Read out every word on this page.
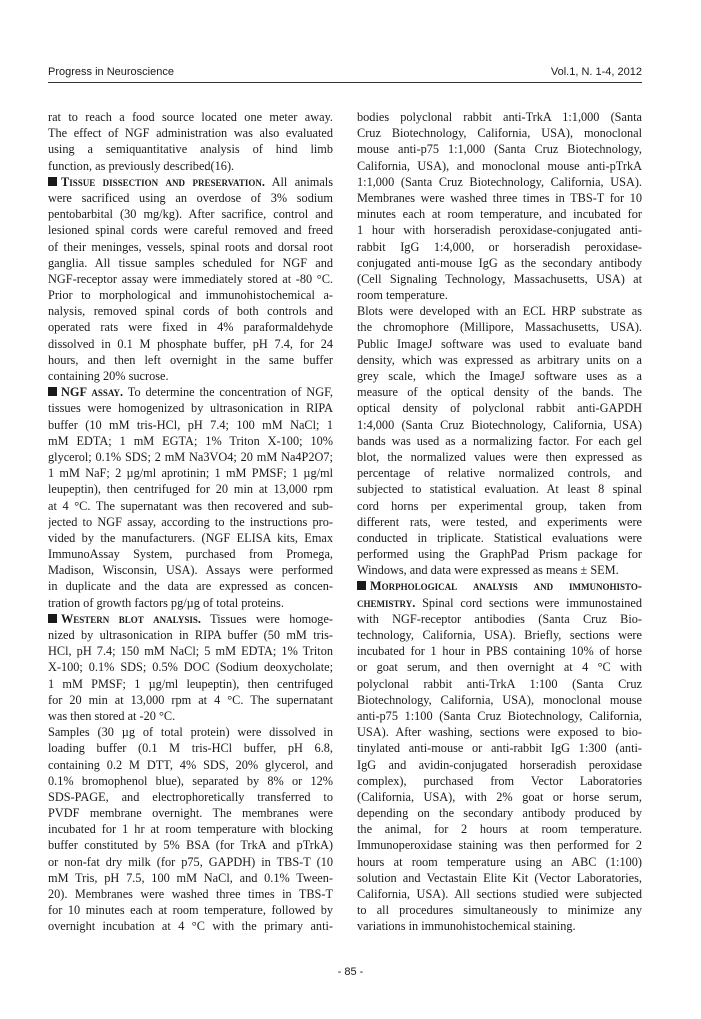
Progress in Neuroscience	Vol.1, N. 1-4, 2012
rat to reach a food source located one meter away.
The effect of NGF administration was also evaluated
using a semiquantitative analysis of hind limb
function, as previously described(16).
Tissue dissection and preservation. All animals
were sacrificed using an overdose of 3% sodium
pentobarbital (30 mg/kg). After sacrifice, control and
lesioned spinal cords were careful removed and freed
of their meninges, vessels, spinal roots and dorsal root
ganglia. All tissue samples scheduled for NGF and
NGF-receptor assay were immediately stored at -80 °C.
Prior to morphological and immunohistochemical a-
nalysis, removed spinal cords of both controls and
operated rats were fixed in 4% paraformaldehyde
dissolved in 0.1 M phosphate buffer, pH 7.4, for 24
hours, and then left overnight in the same buffer
containing 20% sucrose.
NGF assay. To determine the concentration of NGF,
tissues were homogenized by ultrasonication in RIPA
buffer (10 mM tris-HCl, pH 7.4; 100 mM NaCl; 1
mM EDTA; 1 mM EGTA; 1% Triton X-100; 10%
glycerol; 0.1% SDS; 2 mM Na3VO4; 20 mM Na4P2O7;
1 mM NaF; 2 µg/ml aprotinin; 1 mM PMSF; 1 µg/ml
leupeptin), then centrifuged for 20 min at 13,000 rpm
at 4 °C. The supernatant was then recovered and sub-
jected to NGF assay, according to the instructions pro-
vided by the manufacturers. (NGF ELISA kits, Emax
ImmunoAssay System, purchased from Promega,
Madison, Wisconsin, USA). Assays were performed
in duplicate and the data are expressed as concen-
tration of growth factors pg/µg of total proteins.
Western blot analysis. Tissues were homoge-
nized by ultrasonication in RIPA buffer (50 mM tris-
HCl, pH 7.4; 150 mM NaCl; 5 mM EDTA; 1% Triton
X-100; 0.1% SDS; 0.5% DOC (Sodium deoxycholate;
1 mM PMSF; 1 µg/ml leupeptin), then centrifuged
for 20 min at 13,000 rpm at 4 °C. The supernatant
was then stored at -20 °C.
Samples (30 µg of total protein) were dissolved in
loading buffer (0.1 M tris-HCl buffer, pH 6.8,
containing 0.2 M DTT, 4% SDS, 20% glycerol, and
0.1% bromophenol blue), separated by 8% or 12%
SDS-PAGE, and electrophoretically transferred to
PVDF membrane overnight. The membranes were
incubated for 1 hr at room temperature with blocking
buffer constituted by 5% BSA (for TrkA and pTrkA)
or non-fat dry milk (for p75, GAPDH) in TBS-T (10
mM Tris, pH 7.5, 100 mM NaCl, and 0.1% Tween-
20). Membranes were washed three times in TBS-T
for 10 minutes each at room temperature, followed by
overnight incubation at 4 °C with the primary anti-
bodies polyclonal rabbit anti-TrkA 1:1,000 (Santa
Cruz Biotechnology, California, USA), monoclonal
mouse anti-p75 1:1,000 (Santa Cruz Biotechnology,
California, USA), and monoclonal mouse anti-pTrkA
1:1,000 (Santa Cruz Biotechnology, California, USA).
Membranes were washed three times in TBS-T for 10
minutes each at room temperature, and incubated for
1 hour with horseradish peroxidase-conjugated anti-
rabbit IgG 1:4,000, or horseradish peroxidase-
conjugated anti-mouse IgG as the secondary antibody
(Cell Signaling Technology, Massachusetts, USA) at
room temperature.
Blots were developed with an ECL HRP substrate as
the chromophore (Millipore, Massachusetts, USA).
Public ImageJ software was used to evaluate band
density, which was expressed as arbitrary units on a
grey scale, which the ImageJ software uses as a
measure of the optical density of the bands. The
optical density of polyclonal rabbit anti-GAPDH
1:4,000 (Santa Cruz Biotechnology, California, USA)
bands was used as a normalizing factor. For each gel
blot, the normalized values were then expressed as
percentage of relative normalized controls, and
subjected to statistical evaluation. At least 8 spinal
cord horns per experimental group, taken from
different rats, were tested, and experiments were
conducted in triplicate. Statistical evaluations were
performed using the GraphPad Prism package for
Windows, and data were expressed as means ± SEM.
Morphological analysis and immunohisto-
chemistry. Spinal cord sections were immunostained
with NGF-receptor antibodies (Santa Cruz Bio-
technology, California, USA). Briefly, sections were
incubated for 1 hour in PBS containing 10% of horse
or goat serum, and then overnight at 4 °C with
polyclonal rabbit anti-TrkA 1:100 (Santa Cruz
Biotechnology, California, USA), monoclonal mouse
anti-p75 1:100 (Santa Cruz Biotechnology, California,
USA). After washing, sections were exposed to bio-
tinylated anti-mouse or anti-rabbit IgG 1:300 (anti-
IgG and avidin-conjugated horseradish peroxidase
complex), purchased from Vector Laboratories
(California, USA), with 2% goat or horse serum,
depending on the secondary antibody produced by
the animal, for 2 hours at room temperature.
Immunoperoxidase staining was then performed for 2
hours at room temperature using an ABC (1:100)
solution and Vectastain Elite Kit (Vector Laboratories,
California, USA). All sections studied were subjected
to all procedures simultaneously to minimize any
variations in immunohistochemical staining.
- 85 -
